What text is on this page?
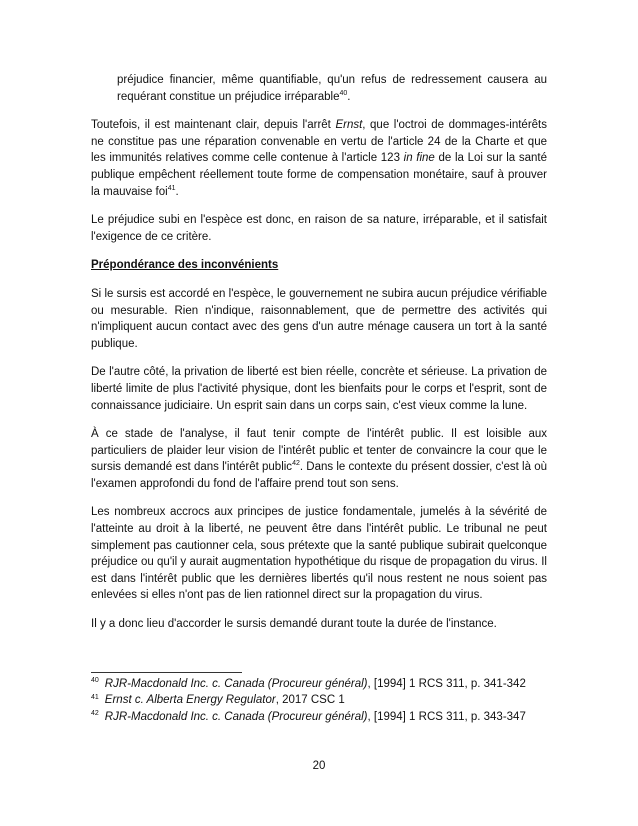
préjudice financier, même quantifiable, qu'un refus de redressement causera au requérant constitue un préjudice irréparable$^{40}$.

Toutefois, il est maintenant clair, depuis l'arrêt Ernst, que l'octroi de dommages-intérêts ne constitue pas une réparation convenable en vertu de l'article 24 de la Charte et que les immunités relatives comme celle contenue à l'article 123 in fine de la Loi sur la santé publique empêchent réellement toute forme de compensation monétaire, sauf à prouver la mauvaise foi$^{41}$.

Le préjudice subi en l'espèce est donc, en raison de sa nature, irréparable, et il satisfait l'exigence de ce critère.

Prépondérance des inconvénients

Si le sursis est accordé en l'espèce, le gouvernement ne subira aucun préjudice vérifiable ou mesurable. Rien n'indique, raisonnablement, que de permettre des activités qui n'impliquent aucun contact avec des gens d'un autre ménage causera un tort à la santé publique.

De l'autre côté, la privation de liberté est bien réelle, concrète et sérieuse. La privation de liberté limite de plus l'activité physique, dont les bienfaits pour le corps et l'esprit, sont de connaissance judiciaire. Un esprit sain dans un corps sain, c'est vieux comme la lune.

À ce stade de l'analyse, il faut tenir compte de l'intérêt public. Il est loisible aux particuliers de plaider leur vision de l'intérêt public et tenter de convaincre la cour que le sursis demandé est dans l'intérêt public$^{42}$. Dans le contexte du présent dossier, c'est là où l'examen approfondi du fond de l'affaire prend tout son sens.

Les nombreux accrocs aux principes de justice fondamentale, jumelés à la sévérité de l'atteinte au droit à la liberté, ne peuvent être dans l'intérêt public. Le tribunal ne peut simplement pas cautionner cela, sous prétexte que la santé publique subirait quelconque préjudice ou qu'il y aurait augmentation hypothétique du risque de propagation du virus. Il est dans l'intérêt public que les dernières libertés qu'il nous restent ne nous soient pas enlevées si elles n'ont pas de lien rationnel direct sur la propagation du virus.

Il y a donc lieu d'accorder le sursis demandé durant toute la durée de l'instance.

$^{40}$ RJR-Macdonald Inc. c. Canada (Procureur général), [1994] 1 RCS 311, p. 341-342

$^{41}$ Ernst c. Alberta Energy Regulator, 2017 CSC 1

$^{42}$ RJR-Macdonald Inc. c. Canada (Procureur général), [1994] 1 RCS 311, p. 343-347

20
